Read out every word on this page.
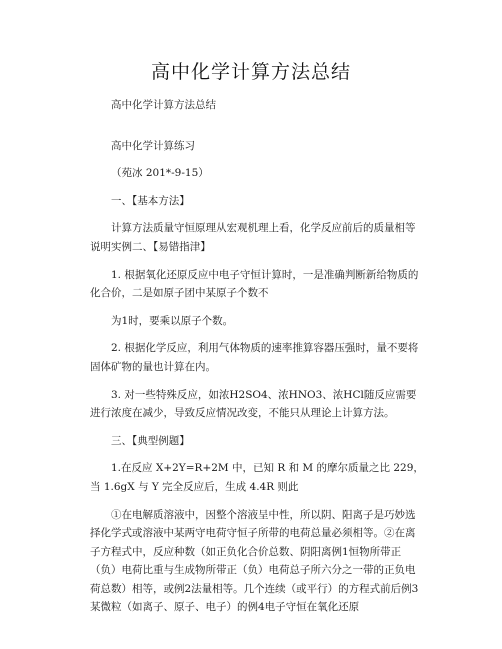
高中化学计算方法总结

高中化学计算方法总结

高中化学计算练习

（苑冰 201*-9-15）

一、【基本方法】

计算方法质量守恒原理从宏观机理上看，化学反应前后的质量相等说明实例二、【易错指津】

1. 根据氧化还原反应中电子守恒计算时，一是准确判断新给物质的化合价，二是如原子团中某原子个数不

为1时，要乘以原子个数。

2. 根据化学反应，利用气体物质的速率推算容器压强时，量不要将固体矿物的量也计算在内。

3. 对一些特殊反应，如浓H2SO4、浓HNO3、浓HCl随反应需要进行浓度在减少，导致反应情况改变，不能只从理论上计算方法。

三、【典型例题】

1.在反应 X+2Y=R+2M 中，已知 R 和 M 的摩尔质量之比 229，当 1.6gX 与 Y 完全反应后，生成 4.4R 则此

①在电解质溶液中，因整个溶液呈中性，所以阴、阳离子是巧妙选择化学式或溶液中某两守电荷守恒子所带的电荷总量必须相等。②在离子方程式中，反应种数（如正负化合价总数、阴阳离例1恒物所带正（负）电荷比重与生成物所带正（负）电荷总子所六分之一带的正负电荷总数）相等，或例2法量相等。几个连续（或平行）的方程式前后例3某微粒（如离子、原子、电子）的例4电子守恒在氧化还原
